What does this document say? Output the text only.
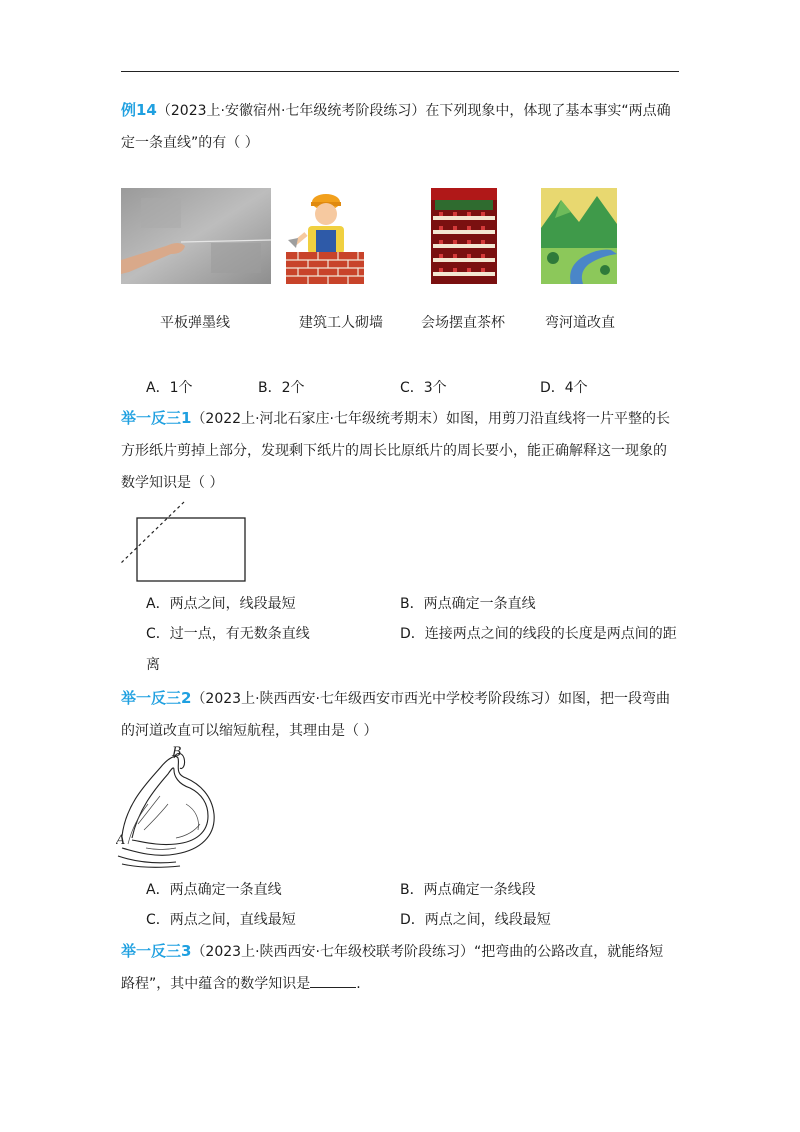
例14（2023上·安徽宿州·七年级统考阶段练习）在下列现象中，体现了基本事实“两点确
定一条直线”的有（ ）
平板弹墨线	建筑工人砌墙	会场摆直茶杯	弯河道改直
A．1个	B．2个	C．3个	D．4个
举一反三1（2022上·河北石家庄·七年级统考期末）如图，用剪刀沿直线将一片平整的长
方形纸片剪掉上部分，发现剩下纸片的周长比原纸片的周长要小，能正确解释这一现象的
数学知识是（ ）
A．两点之间，线段最短	B．两点确定一条直线
C．过一点，有无数条直线	D．连接两点之间的线段的长度是两点间的距
离
举一反三2（2023上·陕西西安·七年级西安市西光中学校考阶段练习）如图，把一段弯曲
的河道改直可以缩短航程，其理由是（ ）
B
A
A．两点确定一条直线	B．两点确定一条线段
C．两点之间，直线最短	D．两点之间，线段最短
举一反三3（2023上·陕西西安·七年级校联考阶段练习）“把弯曲的公路改直，就能络短
路程”，其中蕴含的数学知识是	.
